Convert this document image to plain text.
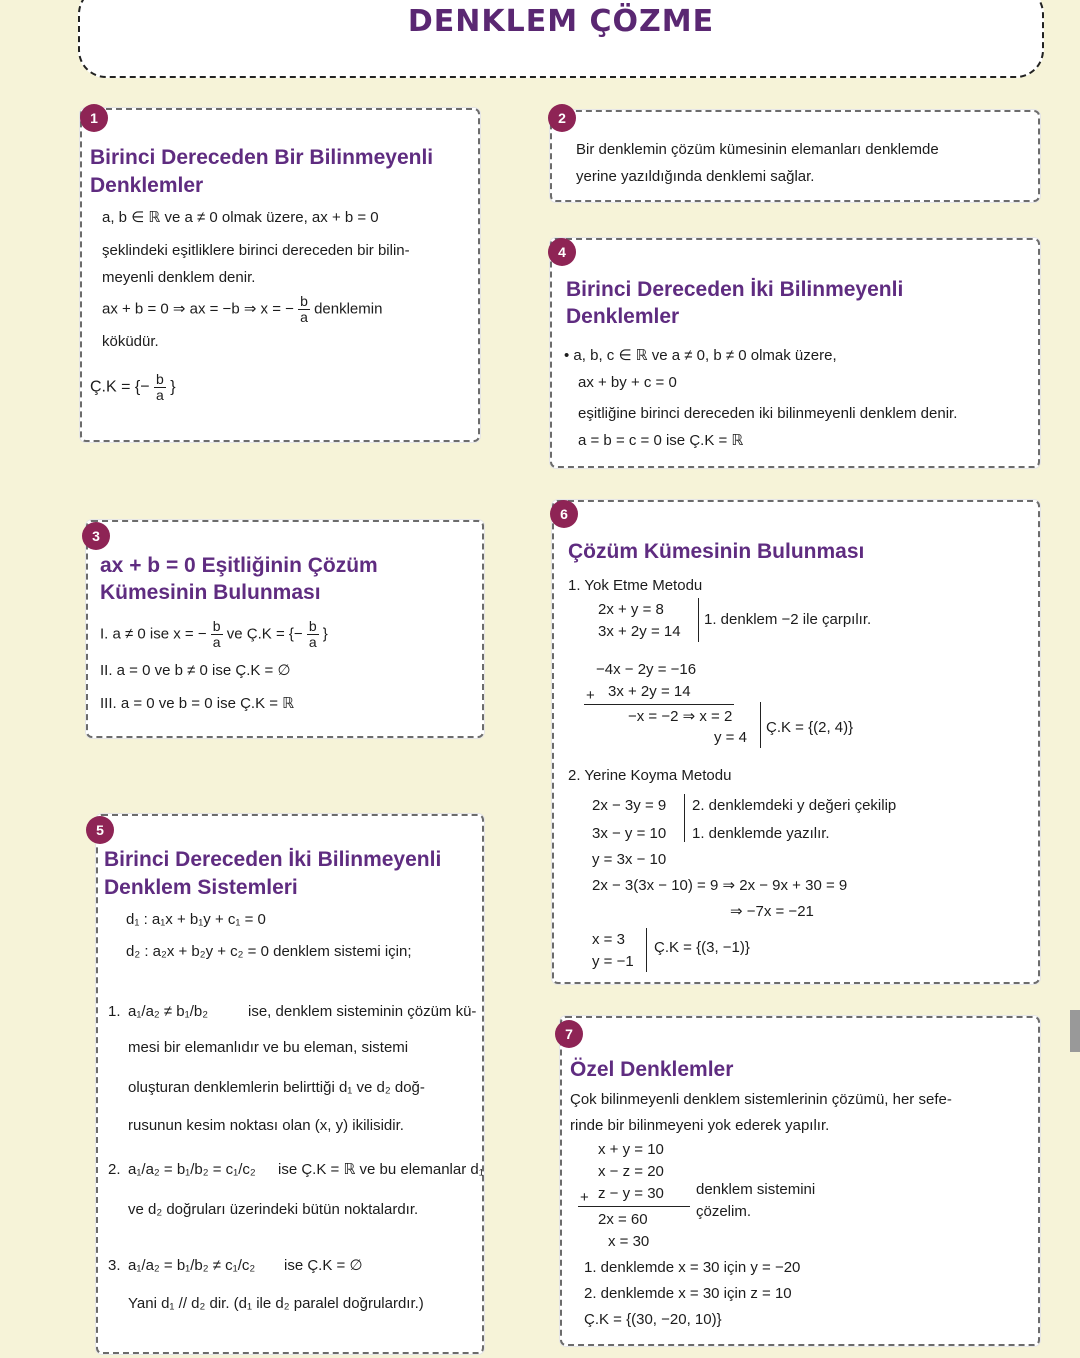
DENKLEM ÇÖZME
Birinci Dereceden Bir Bilinmeyenli
Denklemler
a, b ∈ ℝ ve a ≠ 0 olmak üzere, ax + b = 0
şeklindeki eşitliklere birinci dereceden bir bilin-
meyenli denklem denir.
ax + b = 0 ⇒ ax = −b ⇒ x = − $\frac{b}{a}$ denklemin
köküdür.
Ç.K = {− $\frac{b}{a}$ }
1
Bir denklemin çözüm kümesinin elemanları denklemde
yerine yazıldığında denklemi sağlar.
2
Birinci Dereceden İki Bilinmeyenli
Denklemler
• a, b, c ∈ ℝ ve a ≠ 0, b ≠ 0 olmak üzere,
ax + by + c = 0
eşitliğine birinci dereceden iki bilinmeyenli denklem denir.
a = b = c = 0 ise Ç.K = ℝ
4
ax + b = 0 Eşitliğinin Çözüm
Kümesinin Bulunması
I. a ≠ 0 ise x = − $\frac{b}{a}$ ve Ç.K = {− $\frac{b}{a}$ }
II. a = 0 ve b ≠ 0 ise Ç.K = ∅
III. a = 0 ve b = 0 ise Ç.K = ℝ
3
Çözüm Kümesinin Bulunması
1. Yok Etme Metodu
2x + y = 8
3x + 2y = 14
1. denklem −2 ile çarpılır.
−4x − 2y = −16
+ 3x + 2y = 14
−x = −2 ⇒ x = 2
y = 4
Ç.K = {(2, 4)}
2. Yerine Koyma Metodu
2x − 3y = 9
3x − y = 10
2. denklemdeki y değeri çekilip
1. denklemde yazılır.
y = 3x − 10
2x − 3(3x − 10) = 9 ⇒ 2x − 9x + 30 = 9
⇒ −7x = −21
x = 3
y = −1
Ç.K = {(3, −1)}
6
Birinci Dereceden İki Bilinmeyenli
Denklem Sistemleri
d₁ : a₁x + b₁y + c₁ = 0
d₂ : a₂x + b₂y + c₂ = 0 denklem sistemi için;
1. a₁/a₂ ≠ b₁/b₂	ise, denklem sisteminin çözüm kü-
mesi bir elemanlıdır ve bu eleman, sistemi
oluşturan denklemlerin belirttiği d₁ ve d₂ doğ-
rusunun kesim noktası olan (x, y) ikilisidir.
2. a₁/a₂ = b₁/b₂ = c₁/c₂ ise Ç.K = ℝ ve bu elemanlar d₁
ve d₂ doğruları üzerindeki bütün noktalardır.
3. a₁/a₂ = b₁/b₂ ≠ c₁/c₂ ise Ç.K = ∅
Yani d₁ // d₂ dir. (d₁ ile d₂ paralel doğrulardır.)
5
Özel Denklemler
Çok bilinmeyenli denklem sistemlerinin çözümü, her sefe-
rinde bir bilinmeyeni yok ederek yapılır.
x + y = 10
x − z = 20
+ z − y = 30 denklem sistemini
çözelim.
2x = 60
x = 30
1. denklemde x = 30 için y = −20
2. denklemde x = 30 için z = 10
Ç.K = {(30, −20, 10)}
7
